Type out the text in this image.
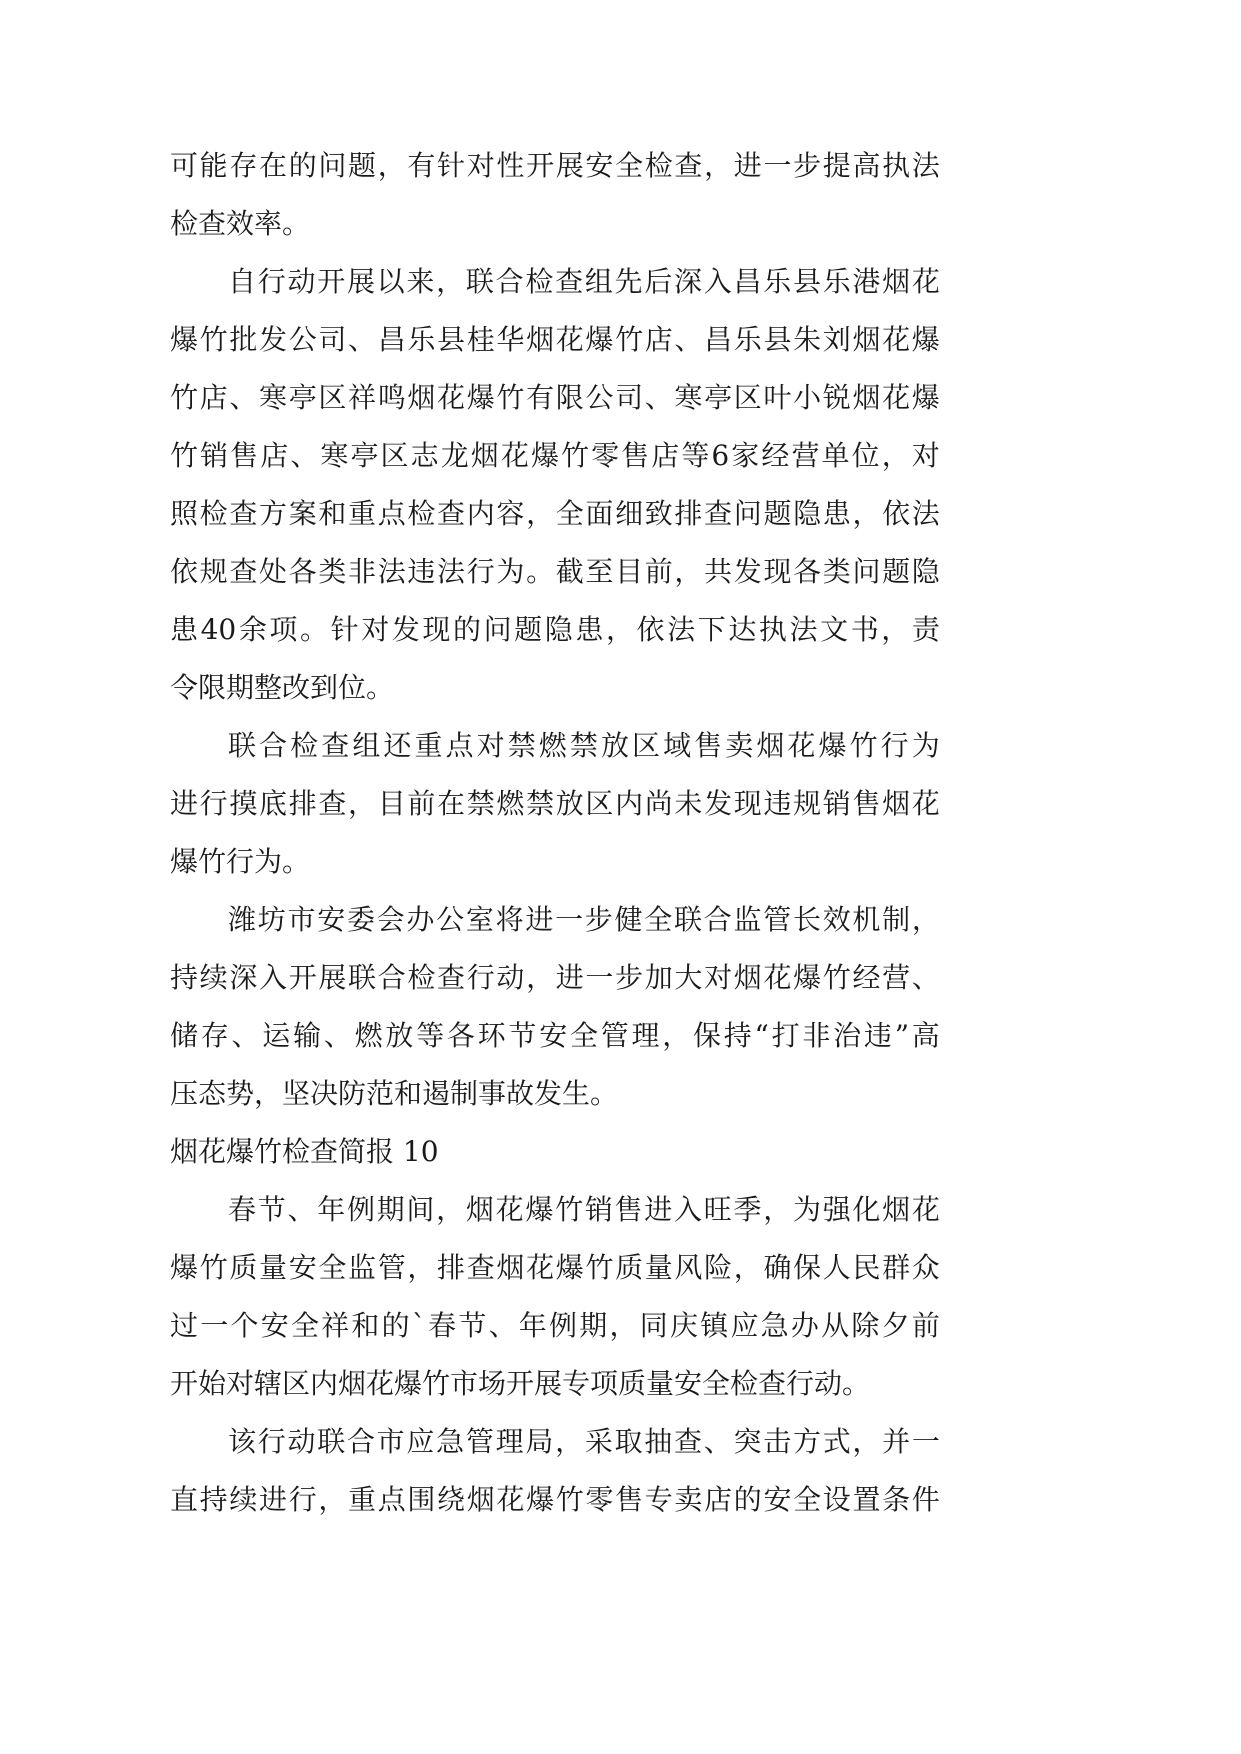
可 能 存 在 的 问 题 ， 有 针 对 性 开 展 安 全 检 查 ， 进 一 步 提 高 执 法
检查效率。
自 行 动 开 展 以 来 ， 联 合 检 查 组 先 后 深 入 昌 乐 县 乐 港 烟 花
爆 竹 批 发 公 司 、 昌 乐 县 桂 华 烟 花 爆 竹 店 、 昌 乐 县 朱 刘 烟 花 爆
竹 店 、 寒 亭 区 祥 鸣 烟 花 爆 竹 有 限 公 司 、 寒 亭 区 叶 小 锐 烟 花 爆
竹 销 售 店 、 寒 亭 区 志 龙 烟 花 爆 竹 零 售 店 等 6 家 经 营 单 位 ， 对
照 检 查 方 案 和 重 点 检 查 内 容 ， 全 面 细 致 排 查 问 题 隐 患 ， 依 法
依 规 查 处 各 类 非 法 违 法 行 为 。 截 至 目 前 ， 共 发 现 各 类 问 题 隐
患 40 余 项 。 针 对 发 现 的 问 题 隐 患 ， 依 法 下 达 执 法 文 书 ， 责
令限期整改到位。
联 合 检 查 组 还 重 点 对 禁 燃 禁 放 区 域 售 卖 烟 花 爆 竹 行 为
进 行 摸 底 排 查 ， 目 前 在 禁 燃 禁 放 区 内 尚 未 发 现 违 规 销 售 烟 花
爆竹行为。
潍 坊 市 安 委 会 办 公 室 将 进 一 步 健 全 联 合 监 管 长 效 机 制 ，
持 续 深 入 开 展 联 合 检 查 行 动 ， 进 一 步 加 大 对 烟 花 爆 竹 经 营 、
储 存 、 运 输 、 燃 放 等 各 环 节 安 全 管 理 ， 保 持 “ 打 非 治 违 ” 高
压态势，坚决防范和遏制事故发生。
烟花爆竹检查简报 10
春 节 、 年 例 期 间 ， 烟 花 爆 竹 销 售 进 入 旺 季 ， 为 强 化 烟 花
爆 竹 质 量 安 全 监 管 ， 排 查 烟 花 爆 竹 质 量 风 险 ， 确 保 人 民 群 众
过 一 个 安 全 祥 和 的 ` 春 节 、 年 例 期 ， 同 庆 镇 应 急 办 从 除 夕 前
开始对辖区内烟花爆竹市场开展专项质量安全检查行动。
该 行 动 联 合 市 应 急 管 理 局 ， 采 取 抽 查 、 突 击 方 式 ， 并 一
直 持 续 进 行 ， 重 点 围 绕 烟 花 爆 竹 零 售 专 卖 店 的 安 全 设 置 条 件
